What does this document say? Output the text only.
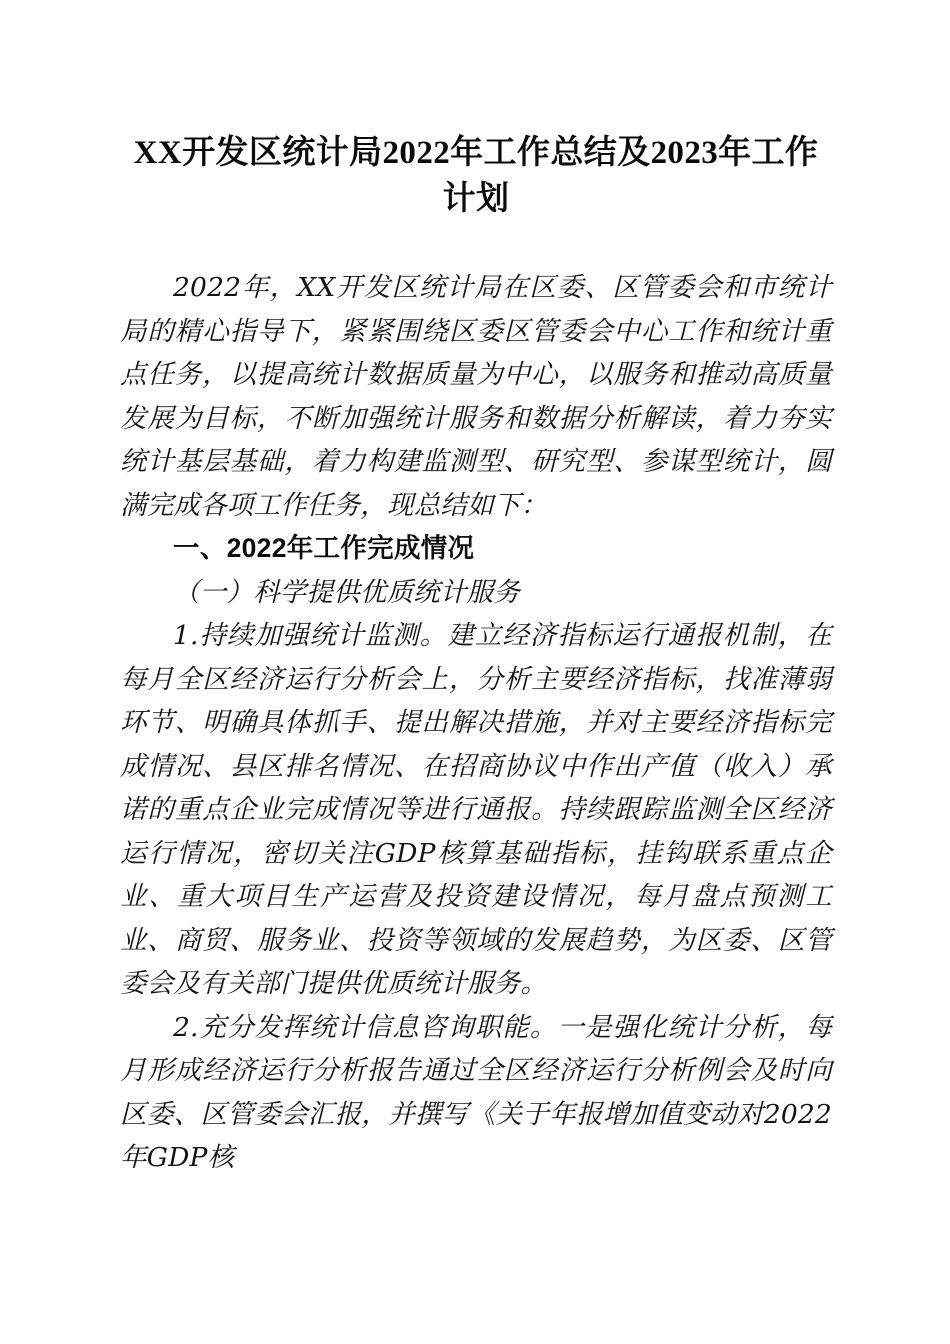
XX开发区统计局2022年工作总结及2023年工作计划

2022年，XX开发区统计局在区委、区管委会和市统计局的精心指导下，紧紧围绕区委区管委会中心工作和统计重点任务，以提高统计数据质量为中心，以服务和推动高质量发展为目标，不断加强统计服务和数据分析解读，着力夯实统计基层基础，着力构建监测型、研究型、参谋型统计，圆满完成各项工作任务，现总结如下：

一、2022年工作完成情况

（一）科学提供优质统计服务

1.持续加强统计监测。建立经济指标运行通报机制，在每月全区经济运行分析会上，分析主要经济指标，找准薄弱环节、明确具体抓手、提出解决措施，并对主要经济指标完成情况、县区排名情况、在招商协议中作出产值（收入）承诺的重点企业完成情况等进行通报。持续跟踪监测全区经济运行情况，密切关注GDP核算基础指标，挂钩联系重点企业、重大项目生产运营及投资建设情况，每月盘点预测工业、商贸、服务业、投资等领域的发展趋势，为区委、区管委会及有关部门提供优质统计服务。

2.充分发挥统计信息咨询职能。一是强化统计分析，每月形成经济运行分析报告通过全区经济运行分析例会及时向区委、区管委会汇报，并撰写《关于年报增加值变动对2022年GDP核
